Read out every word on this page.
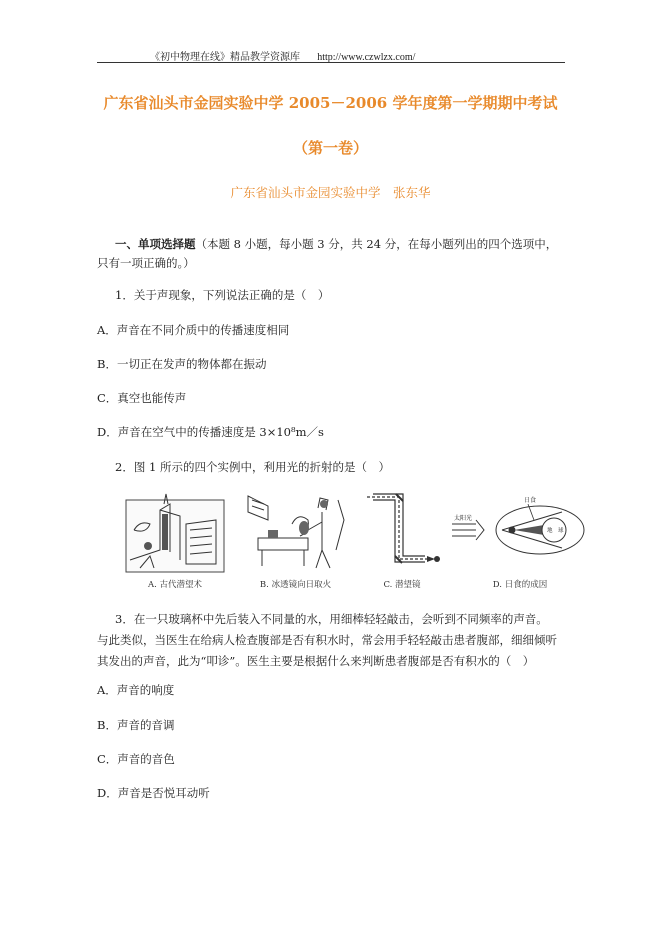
《初中物理在线》精品教学资源库 http://www.czwlzx.com/
广东省汕头市金园实验中学 2005－2006 学年度第一学期期中考试
（第一卷）
广东省汕头市金园实验中学　张东华
一、单项选择题（本题 8 小题，每小题 3 分，共 24 分，在每小题列出的四个选项中，
只有一项正确的。）
1．关于声现象，下列说法正确的是（　）
A．声音在不同介质中的传播速度相同
B．一切正在发声的物体都在振动
C．真空也能传声
D．声音在空气中的传播速度是 3×10⁸m／s
2．图 1 所示的四个实例中，利用光的折射的是（　）
A. 古代潜望术	B. 冰透镜向日取火	C. 潜望镜
太阳光
日食
地　球
D. 日食的成因
3．在一只玻璃杯中先后装入不同量的水，用细棒轻轻敲击，会听到不同频率的声音。
与此类似，当医生在给病人检查腹部是否有积水时，常会用手轻轻敲击患者腹部，细细倾听
其发出的声音，此为“叩诊”。医生主要是根据什么来判断患者腹部是否有积水的（　）
A．声音的响度
B．声音的音调
C．声音的音色
D．声音是否悦耳动听
